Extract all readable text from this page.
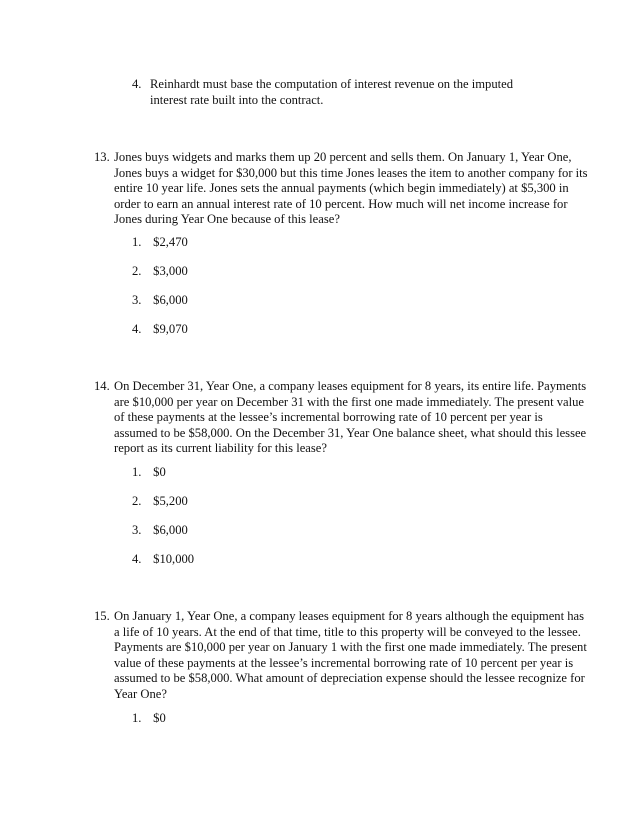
4. Reinhardt must base the computation of interest revenue on the imputed interest rate built into the contract.
13. Jones buys widgets and marks them up 20 percent and sells them. On January 1, Year One, Jones buys a widget for $30,000 but this time Jones leases the item to another company for its entire 10 year life. Jones sets the annual payments (which begin immediately) at $5,300 in order to earn an annual interest rate of 10 percent. How much will net income increase for Jones during Year One because of this lease?
1. $2,470
2. $3,000
3. $6,000
4. $9,070
14. On December 31, Year One, a company leases equipment for 8 years, its entire life. Payments are $10,000 per year on December 31 with the first one made immediately. The present value of these payments at the lessee’s incremental borrowing rate of 10 percent per year is assumed to be $58,000. On the December 31, Year One balance sheet, what should this lessee report as its current liability for this lease?
1. $0
2. $5,200
3. $6,000
4. $10,000
15. On January 1, Year One, a company leases equipment for 8 years although the equipment has a life of 10 years. At the end of that time, title to this property will be conveyed to the lessee. Payments are $10,000 per year on January 1 with the first one made immediately. The present value of these payments at the lessee’s incremental borrowing rate of 10 percent per year is assumed to be $58,000. What amount of depreciation expense should the lessee recognize for Year One?
1. $0
